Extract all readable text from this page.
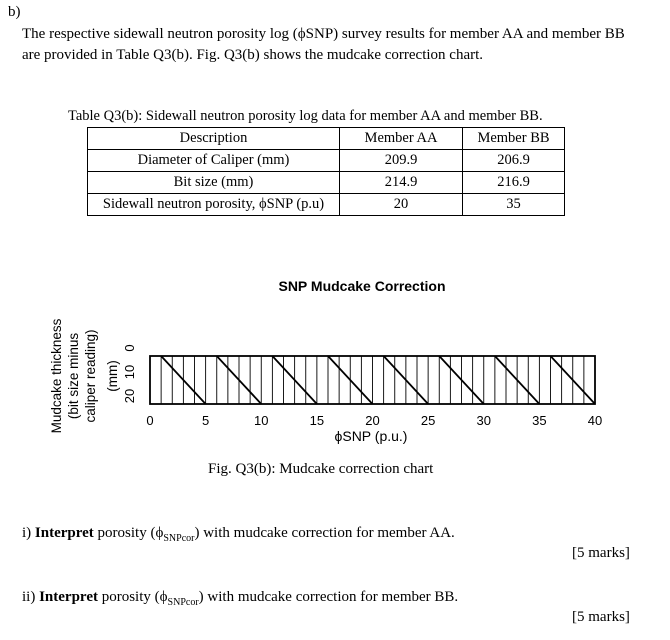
b)
The respective sidewall neutron porosity log (ϕSNP) survey results for member AA and member BB are provided in Table Q3(b). Fig. Q3(b) shows the mudcake correction chart.
Table Q3(b): Sidewall neutron porosity log data for member AA and member BB.
Description	Member AA	Member BB
Diameter of Caliper (mm)	209.9	206.9
Bit size (mm)	214.9	216.9
Sidewall neutron porosity, ϕSNP (p.u)	20	35
SNP Mudcake Correction
Mudcake thickness (bit size minus caliper reading) (mm)
0	5	10	15	20	25	30	35	40
0
10
20
ϕSNP (p.u.)
Fig. Q3(b): Mudcake correction chart
i) Interpret porosity $(\phi_{SNPcor})$ with mudcake correction for member AA.
[5 marks]
ii) Interpret porosity $(\phi_{SNPcor})$ with mudcake correction for member BB.
[5 marks]
